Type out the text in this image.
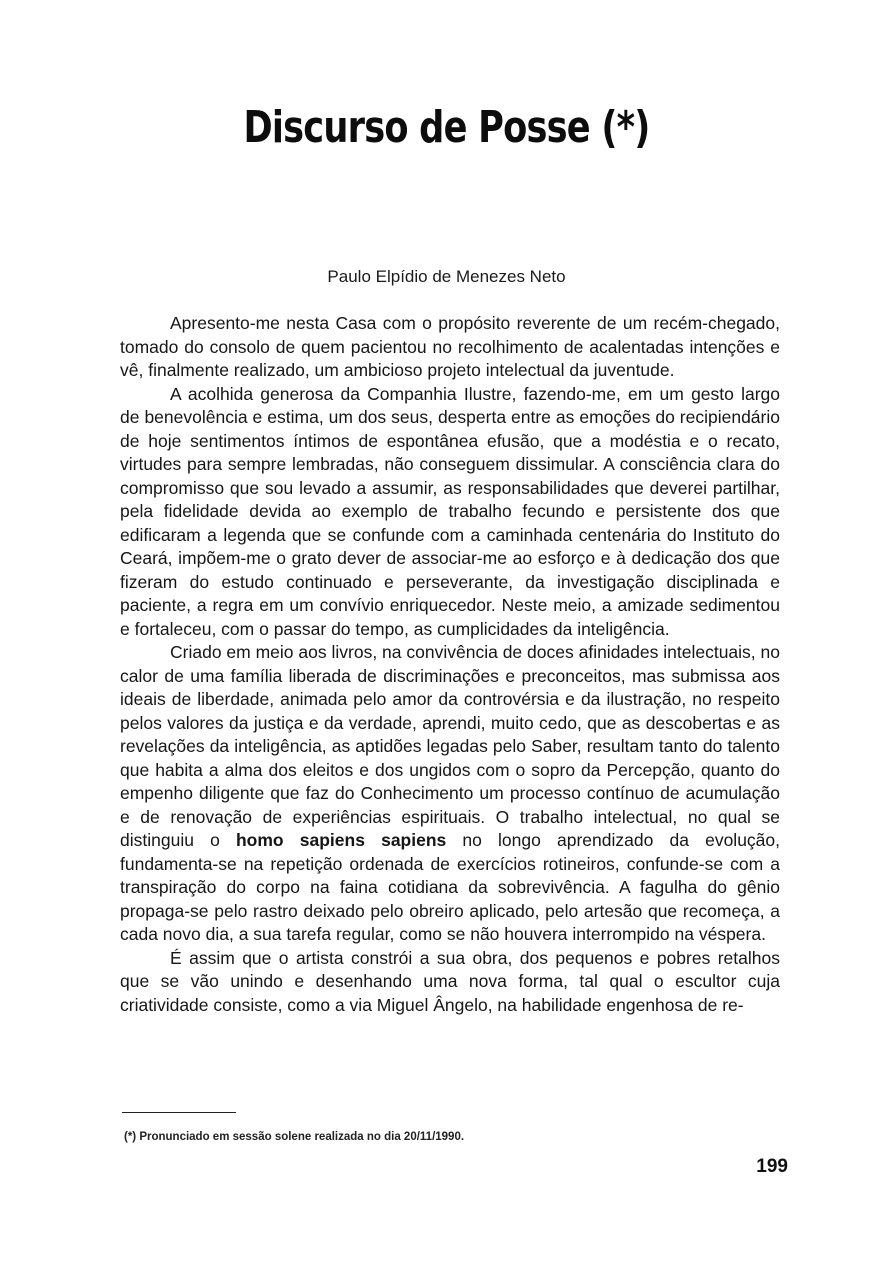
Discurso de Posse (*)
Paulo Elpídio de Menezes Neto

Apresento-me nesta Casa com o propósito reverente de um recém-chegado, tomado do consolo de quem pacientou no recolhimento de acalentadas intenções e vê, finalmente realizado, um ambicioso projeto intelectual da juventude.

A acolhida generosa da Companhia Ilustre, fazendo-me, em um gesto largo de benevolência e estima, um dos seus, desperta entre as emoções do recipiendário de hoje sentimentos íntimos de espontânea efusão, que a modéstia e o recato, virtudes para sempre lembradas, não conseguem dissimular. A consciência clara do compromisso que sou levado a assumir, as responsabilidades que deverei partilhar, pela fidelidade devida ao exemplo de trabalho fecundo e persistente dos que edificaram a legenda que se confunde com a caminhada centenária do Instituto do Ceará, impõem-me o grato dever de associar-me ao esforço e à dedicação dos que fizeram do estudo continuado e perseverante, da investigação disciplinada e paciente, a regra em um convívio enriquecedor. Neste meio, a amizade sedimentou e fortaleceu, com o passar do tempo, as cumplicidades da inteligência.

Criado em meio aos livros, na convivência de doces afinidades intelectuais, no calor de uma família liberada de discriminações e preconceitos, mas submissa aos ideais de liberdade, animada pelo amor da controvérsia e da ilustração, no respeito pelos valores da justiça e da verdade, aprendi, muito cedo, que as descobertas e as revelações da inteligência, as aptidões legadas pelo Saber, resultam tanto do talento que habita a alma dos eleitos e dos ungidos com o sopro da Percepção, quanto do empenho diligente que faz do Conhecimento um processo contínuo de acumulação e de renovação de experiências espirituais. O trabalho intelectual, no qual se distinguiu o homo sapiens sapiens no longo aprendizado da evolução, fundamenta-se na repetição ordenada de exercícios rotineiros, confunde-se com a transpiração do corpo na faina cotidiana da sobrevivência. A fagulha do gênio propaga-se pelo rastro deixado pelo obreiro aplicado, pelo artesão que recomeça, a cada novo dia, a sua tarefa regular, como se não houvera interrompido na véspera.

É assim que o artista constrói a sua obra, dos pequenos e pobres retalhos que se vão unindo e desenhando uma nova forma, tal qual o escultor cuja criatividade consiste, como a via Miguel Ângelo, na habilidade engenhosa de re-

(*) Pronunciado em sessão solene realizada no dia 20/11/1990.
199
